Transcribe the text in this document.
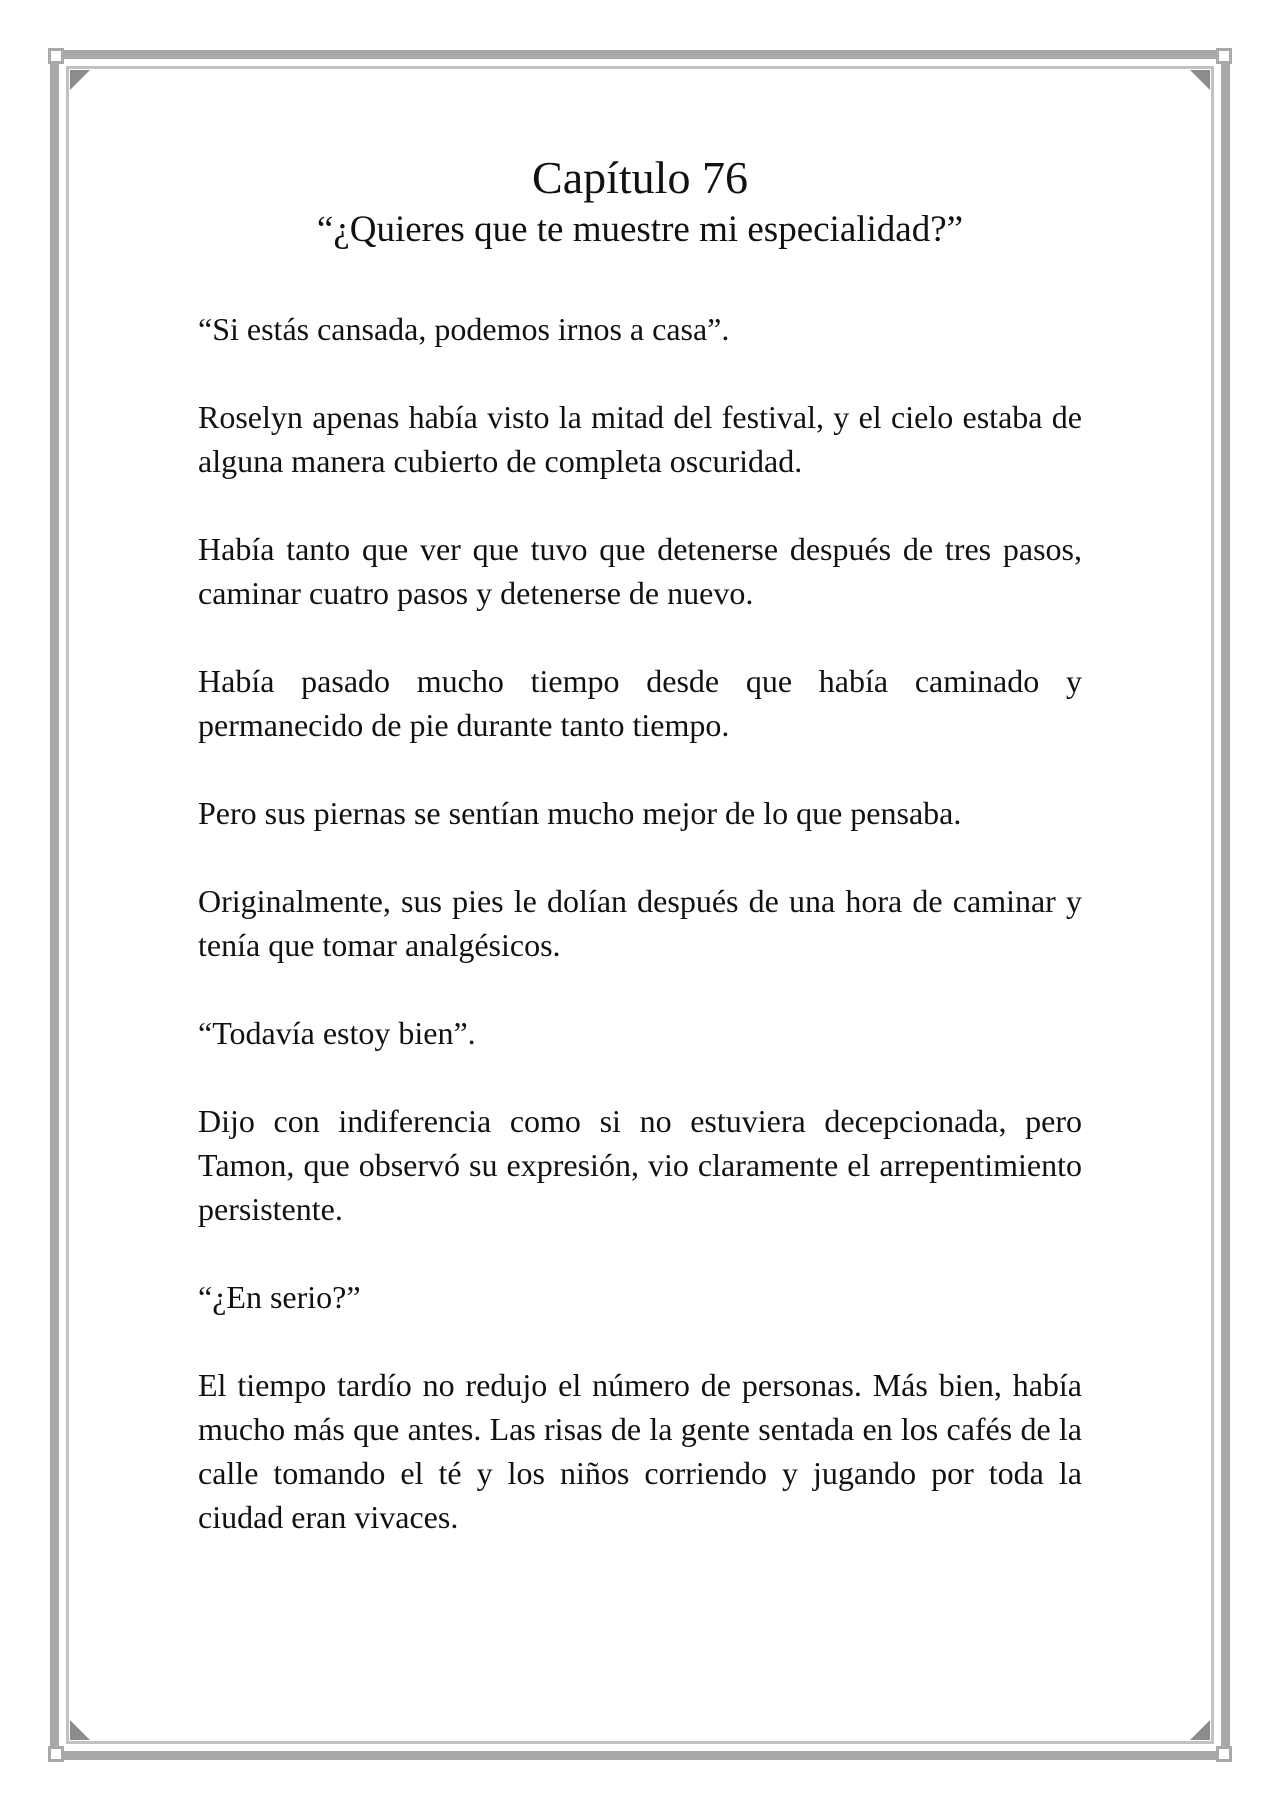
Capítulo 76
“¿Quieres que te muestre mi especialidad?”

“Si estás cansada, podemos irnos a casa”.

Roselyn apenas había visto la mitad del festival, y el cielo estaba de alguna manera cubierto de completa oscuridad.

Había tanto que ver que tuvo que detenerse después de tres pasos, caminar cuatro pasos y detenerse de nuevo.

Había pasado mucho tiempo desde que había caminado y permanecido de pie durante tanto tiempo.

Pero sus piernas se sentían mucho mejor de lo que pensaba.

Originalmente, sus pies le dolían después de una hora de caminar y tenía que tomar analgésicos.

“Todavía estoy bien”.

Dijo con indiferencia como si no estuviera decepcionada, pero Tamon, que observó su expresión, vio claramente el arrepentimiento persistente.

“¿En serio?”

El tiempo tardío no redujo el número de personas. Más bien, había mucho más que antes. Las risas de la gente sentada en los cafés de la calle tomando el té y los niños corriendo y jugando por toda la ciudad eran vivaces.
